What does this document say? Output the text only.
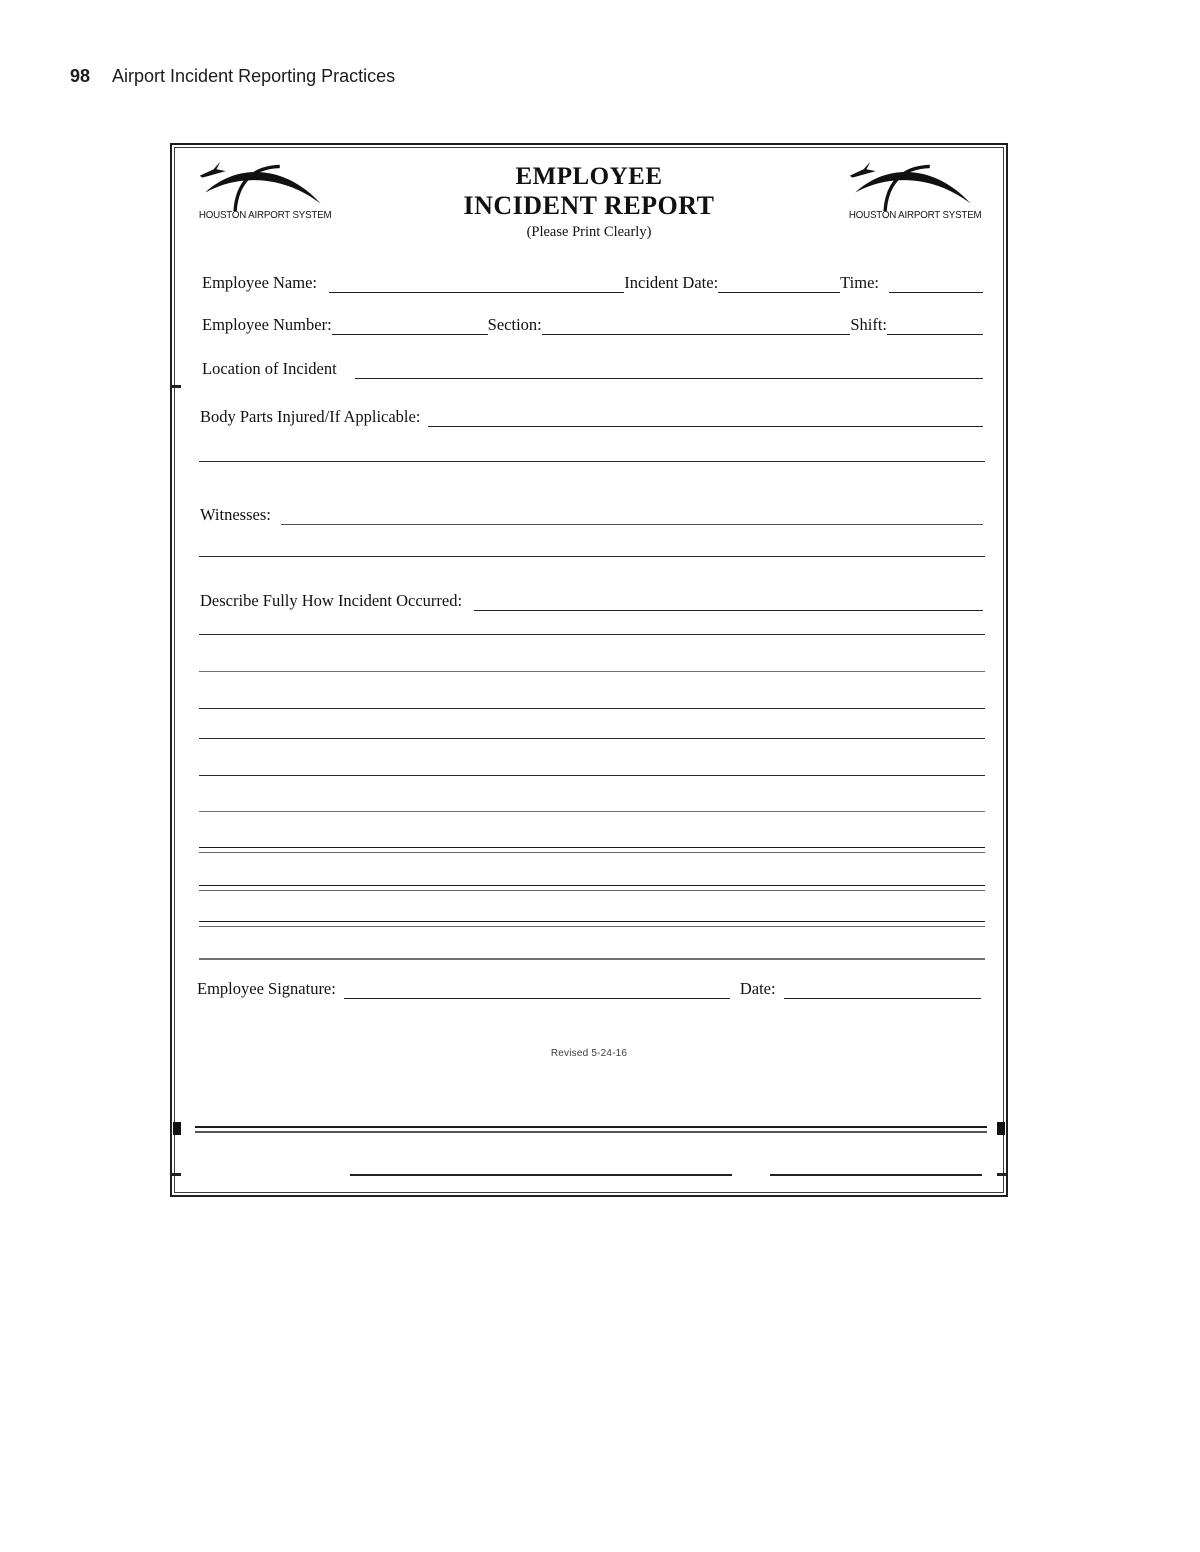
98 Airport Incident Reporting Practices
HOUSTON AIRPORT SYSTEM	HOUSTON AIRPORT SYSTEM
EMPLOYEE
INCIDENT REPORT
(Please Print Clearly)
Employee Name:	Incident Date:	Time:
Employee Number:	Section:	Shift:
Location of Incident
Body Parts Injured/If Applicable:
Witnesses:
Describe Fully How Incident Occurred:
Employee Signature:	Date:
Revised 5-24-16
